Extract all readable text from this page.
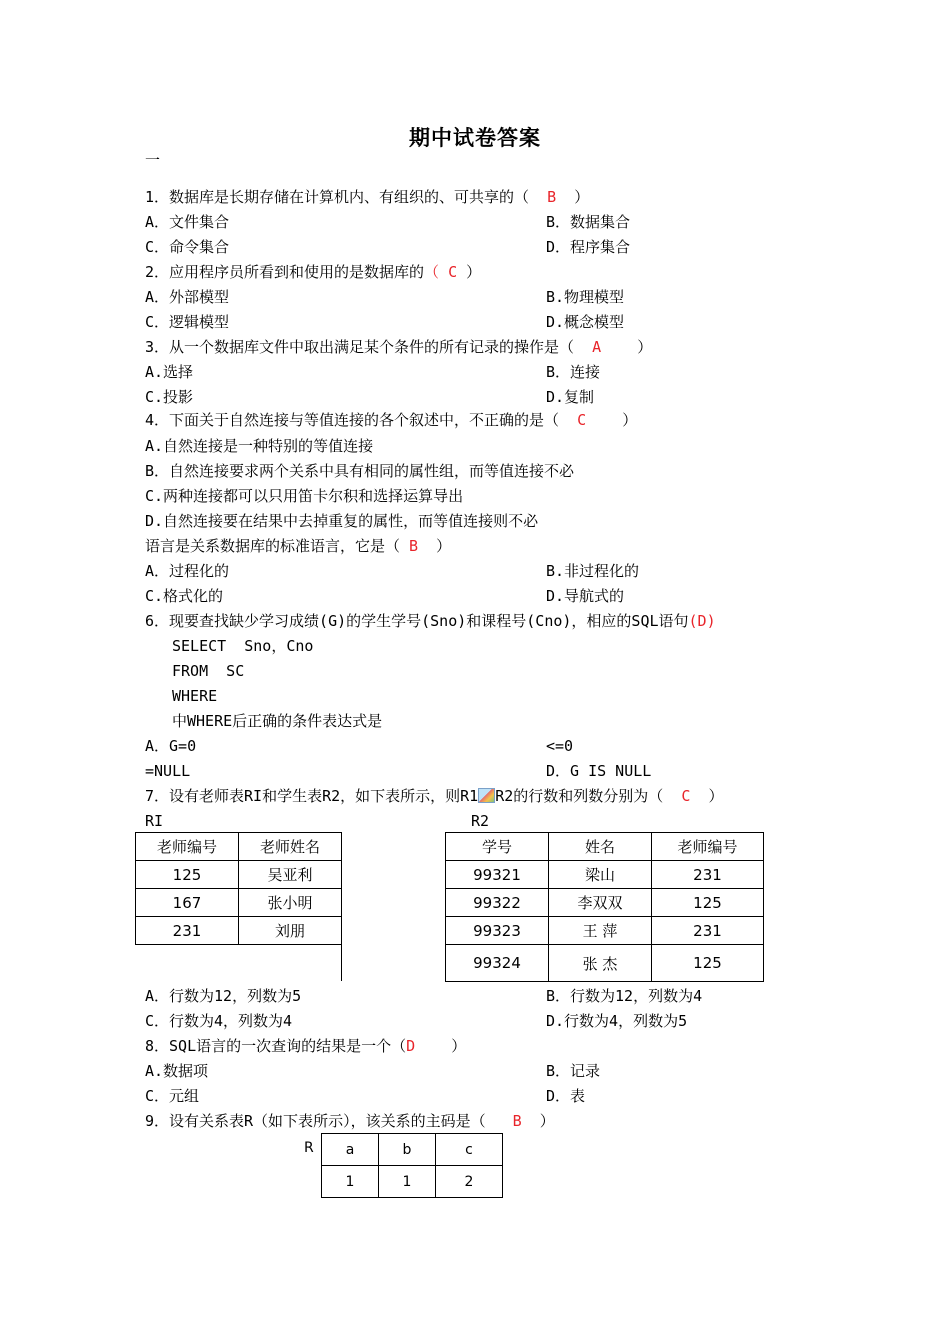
期中试卷答案
一
1．数据库是长期存储在计算机内、有组织的、可共享的（ B ）
A．文件集合	B．数据集合
C．命令集合	D．程序集合
2．应用程序员所看到和使用的是数据库的（ C ）
A．外部模型	B.物理模型
C．逻辑模型	D.概念模型
3．从一个数据库文件中取出满足某个条件的所有记录的操作是（ A ）
A.选择	B．连接
C.投影	D.复制
4．下面关于自然连接与等值连接的各个叙述中，不正确的是（ C ）
A.自然连接是一种特别的等值连接
B．自然连接要求两个关系中具有相同的属性组，而等值连接不必
C.两种连接都可以只用笛卡尔积和选择运算导出
D.自然连接要在结果中去掉重复的属性，而等值连接则不必
语言是关系数据库的标准语言，它是（ B ）
A．过程化的	B.非过程化的
C.格式化的	D.导航式的
6．现要查找缺少学习成绩(G)的学生学号(Sno)和课程号(Cno)，相应的SQL语句(D)
SELECT  Sno，Cno
FROM  SC
WHERE
中WHERE后正确的条件表达式是
A．G=0	<=0
=NULL	D．G IS NULL
7．设有老师表RI和学生表R2，如下表所示，则R1 R2的行数和列数分别为（ C ）
RI	R2
老师编号	老师姓名
125	吴亚利
167	张小明
231	刘朋
学号	姓名	老师编号
99321	梁山	231
99322	李双双	125
99323	王 萍	231
99324	张 杰	125
A．行数为12，列数为5	B．行数为12，列数为4
C．行数为4，列数为4	D.行数为4，列数为5
8．SQL语言的一次查询的结果是一个（D ）
A.数据项	B．记录
C．元组	D．表
9．设有关系表R（如下表所示），该关系的主码是（ B ）
R a	b	c
1	1	2
